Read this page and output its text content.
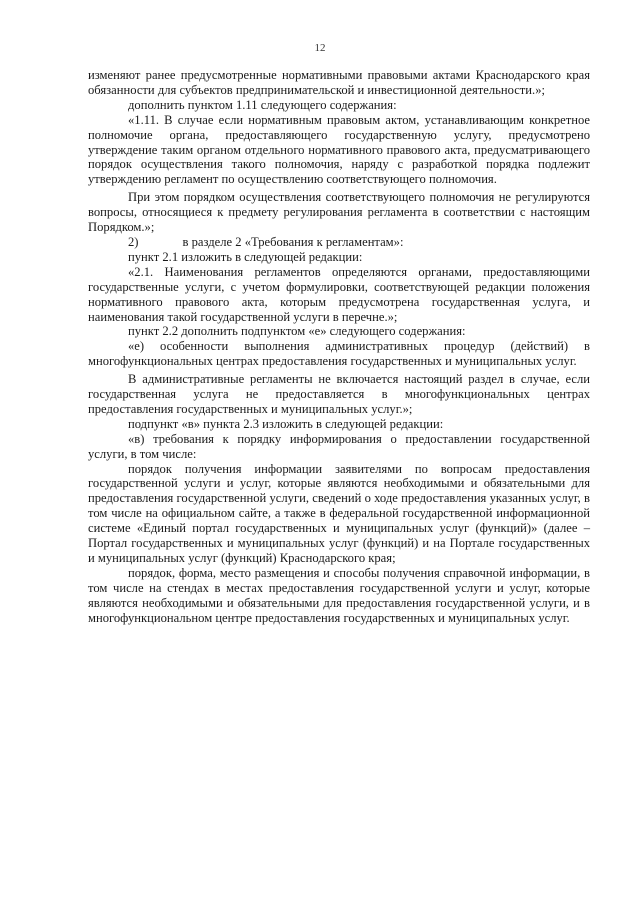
12

изменяют ранее предусмотренные нормативными правовыми актами Краснодарского края обязанности для субъектов предпринимательской и инвестиционной деятельности.»;

дополнить пунктом 1.11 следующего содержания:

«1.11. В случае если нормативным правовым актом, устанавливающим конкретное полномочие органа, предоставляющего государственную услугу, предусмотрено утверждение таким органом отдельного нормативного правового акта, предусматривающего порядок осуществления такого полномочия, наряду с разработкой порядка подлежит утверждению регламент по осуществлению соответствующего полномочия.

При этом порядком осуществления соответствующего полномочия не регулируются вопросы, относящиеся к предмету регулирования регламента в соответствии с настоящим Порядком.»;

2)	в разделе 2 «Требования к регламентам»:

пункт 2.1 изложить в следующей редакции:

«2.1. Наименования регламентов определяются органами, предоставляющими государственные услуги, с учетом формулировки, соответствующей редакции положения нормативного правового акта, которым предусмотрена государственная услуга, и наименования такой государственной услуги в перечне.»;

пункт 2.2 дополнить подпунктом «е» следующего содержания:

«е) особенности выполнения административных процедур (действий) в многофункциональных центрах предоставления государственных и муниципальных услуг.

В административные регламенты не включается настоящий раздел в случае, если государственная услуга не предоставляется в многофункциональных центрах предоставления государственных и муниципальных услуг.»;

подпункт «в» пункта 2.3 изложить в следующей редакции:

«в) требования к порядку информирования о предоставлении государственной услуги, в том числе:

порядок получения информации заявителями по вопросам предоставления государственной услуги и услуг, которые являются необходимыми и обязательными для предоставления государственной услуги, сведений о ходе предоставления указанных услуг, в том числе на официальном сайте, а также в федеральной государственной информационной системе «Единый портал государственных и муниципальных услуг (функций)» (далее – Портал государственных и муниципальных услуг (функций) и на Портале государственных и муниципальных услуг (функций) Краснодарского края;

порядок, форма, место размещения и способы получения справочной информации, в том числе на стендах в местах предоставления государственной услуги и услуг, которые являются необходимыми и обязательными для предоставления государственной услуги, и в многофункциональном центре предоставления государственных и муниципальных услуг.
